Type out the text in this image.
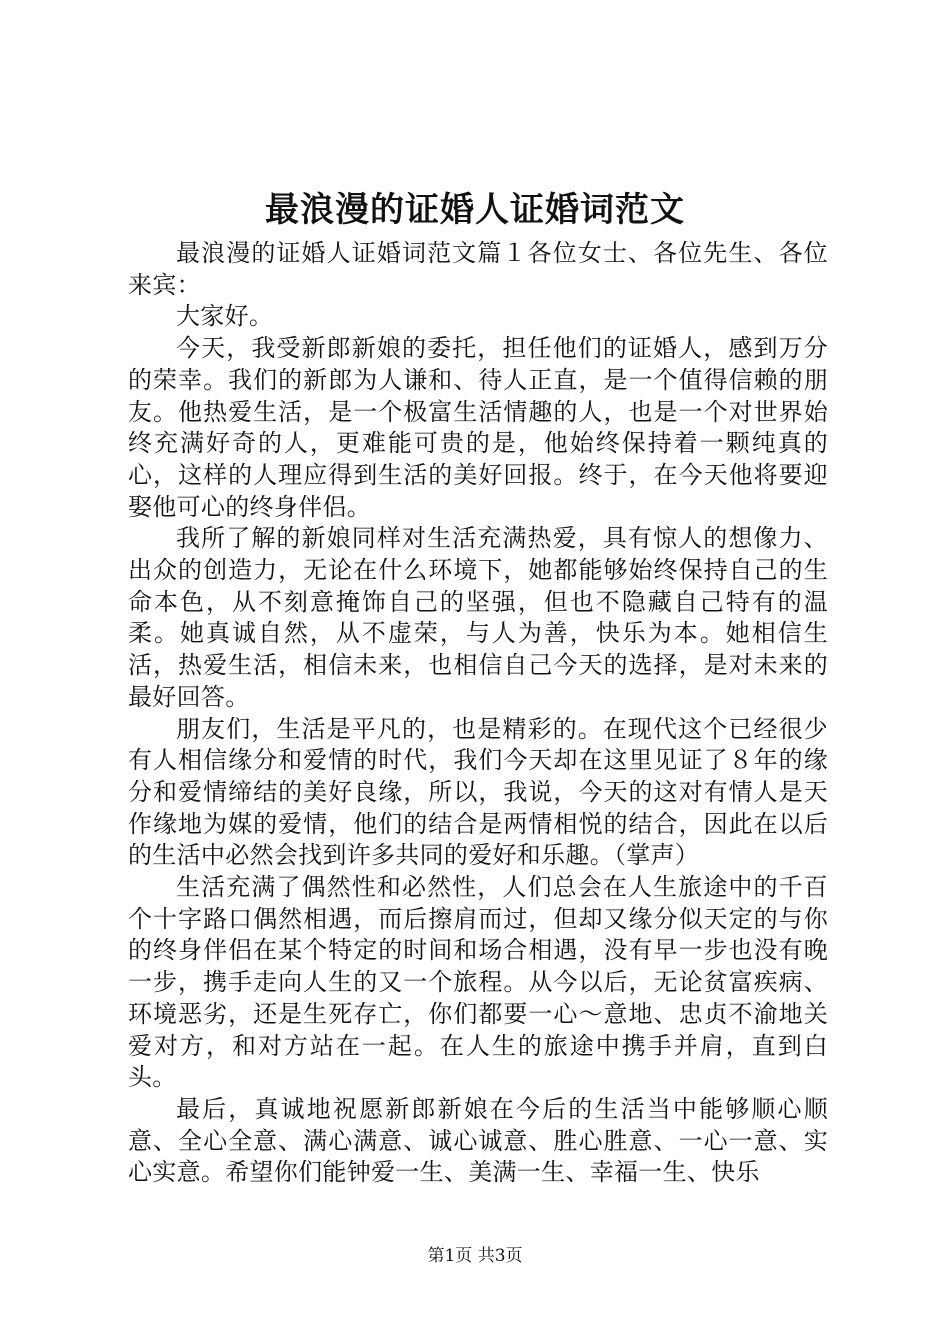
最浪漫的证婚人证婚词范文

最浪漫的证婚人证婚词范文篇１各位女士、各位先生、各位来宾：

大家好。

今天，我受新郎新娘的委托，担任他们的证婚人，感到万分的荣幸。我们的新郎为人谦和、待人正直，是一个值得信赖的朋友。他热爱生活，是一个极富生活情趣的人，也是一个对世界始终充满好奇的人，更难能可贵的是，他始终保持着一颗纯真的心，这样的人理应得到生活的美好回报。终于，在今天他将要迎娶他可心的终身伴侣。

我所了解的新娘同样对生活充满热爱，具有惊人的想像力、出众的创造力，无论在什么环境下，她都能够始终保持自己的生命本色，从不刻意掩饰自己的坚强，但也不隐藏自己特有的温柔。她真诚自然，从不虚荣，与人为善，快乐为本。她相信生活，热爱生活，相信未来，也相信自己今天的选择，是对未来的最好回答。

朋友们，生活是平凡的，也是精彩的。在现代这个已经很少有人相信缘分和爱情的时代，我们今天却在这里见证了８年的缘分和爱情缔结的美好良缘，所以，我说，今天的这对有情人是天作缘地为媒的爱情，他们的结合是两情相悦的结合，因此在以后的生活中必然会找到许多共同的爱好和乐趣。（掌声）

生活充满了偶然性和必然性，人们总会在人生旅途中的千百个十字路口偶然相遇，而后擦肩而过，但却又缘分似天定的与你的终身伴侣在某个特定的时间和场合相遇，没有早一步也没有晚一步，携手走向人生的又一个旅程。从今以后，无论贫富疾病、环境恶劣，还是生死存亡，你们都要一心～意地、忠贞不渝地关爱对方，和对方站在一起。在人生的旅途中携手并肩，直到白头。

最后，真诚地祝愿新郎新娘在今后的生活当中能够顺心顺意、全心全意、满心满意、诚心诚意、胜心胜意、一心一意、实心实意。希望你们能钟爱一生、美满一生、幸福一生、快乐

第1页 共3页
